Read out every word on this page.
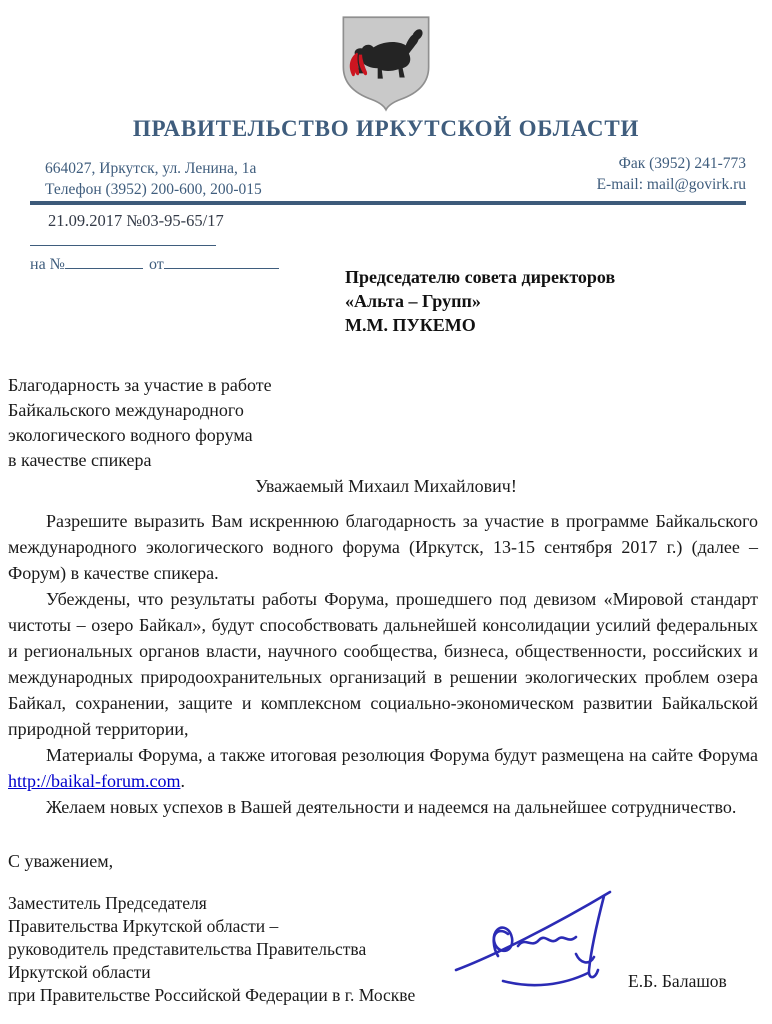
ПРАВИТЕЛЬСТВО ИРКУТСКОЙ ОБЛАСТИ
664027, Иркутск, ул. Ленина, 1а
Телефон (3952) 200-600, 200-015
Фак (3952) 241-773
E-mail: mail@govirk.ru
21.09.2017 №03-95-65/17
на №	от
Председателю совета директоров
«Альта – Групп»
М.М. ПУКЕМО
Благодарность за участие в работе
Байкальского международного
экологического водного форума
в качестве спикера
Уважаемый Михаил Михайлович!

Разрешите выразить Вам искреннюю благодарность за участие в программе Байкальского международного экологического водного форума (Иркутск, 13-15 сентября 2017 г.) (далее – Форум) в качестве спикера.

Убеждены, что результаты работы Форума, прошедшего под девизом «Мировой стандарт чистоты – озеро Байкал», будут способствовать дальнейшей консолидации усилий федеральных и региональных органов власти, научного сообщества, бизнеса, общественности, российских и международных природоохранительных организаций в решении экологических проблем озера Байкал, сохранении, защите и комплексном социально-экономическом развитии Байкальской природной территории,

Материалы Форума, а также итоговая резолюция Форума будут размещена на сайте Форума http://baikal-forum.com.

Желаем новых успехов в Вашей деятельности и надеемся на дальнейшее сотрудничество.

С уважением,
Заместитель Председателя
Правительства Иркутской области –
руководитель представительства Правительства
Иркутской области
при Правительстве Российской Федерации в г. Москве
Е.Б. Балашов
